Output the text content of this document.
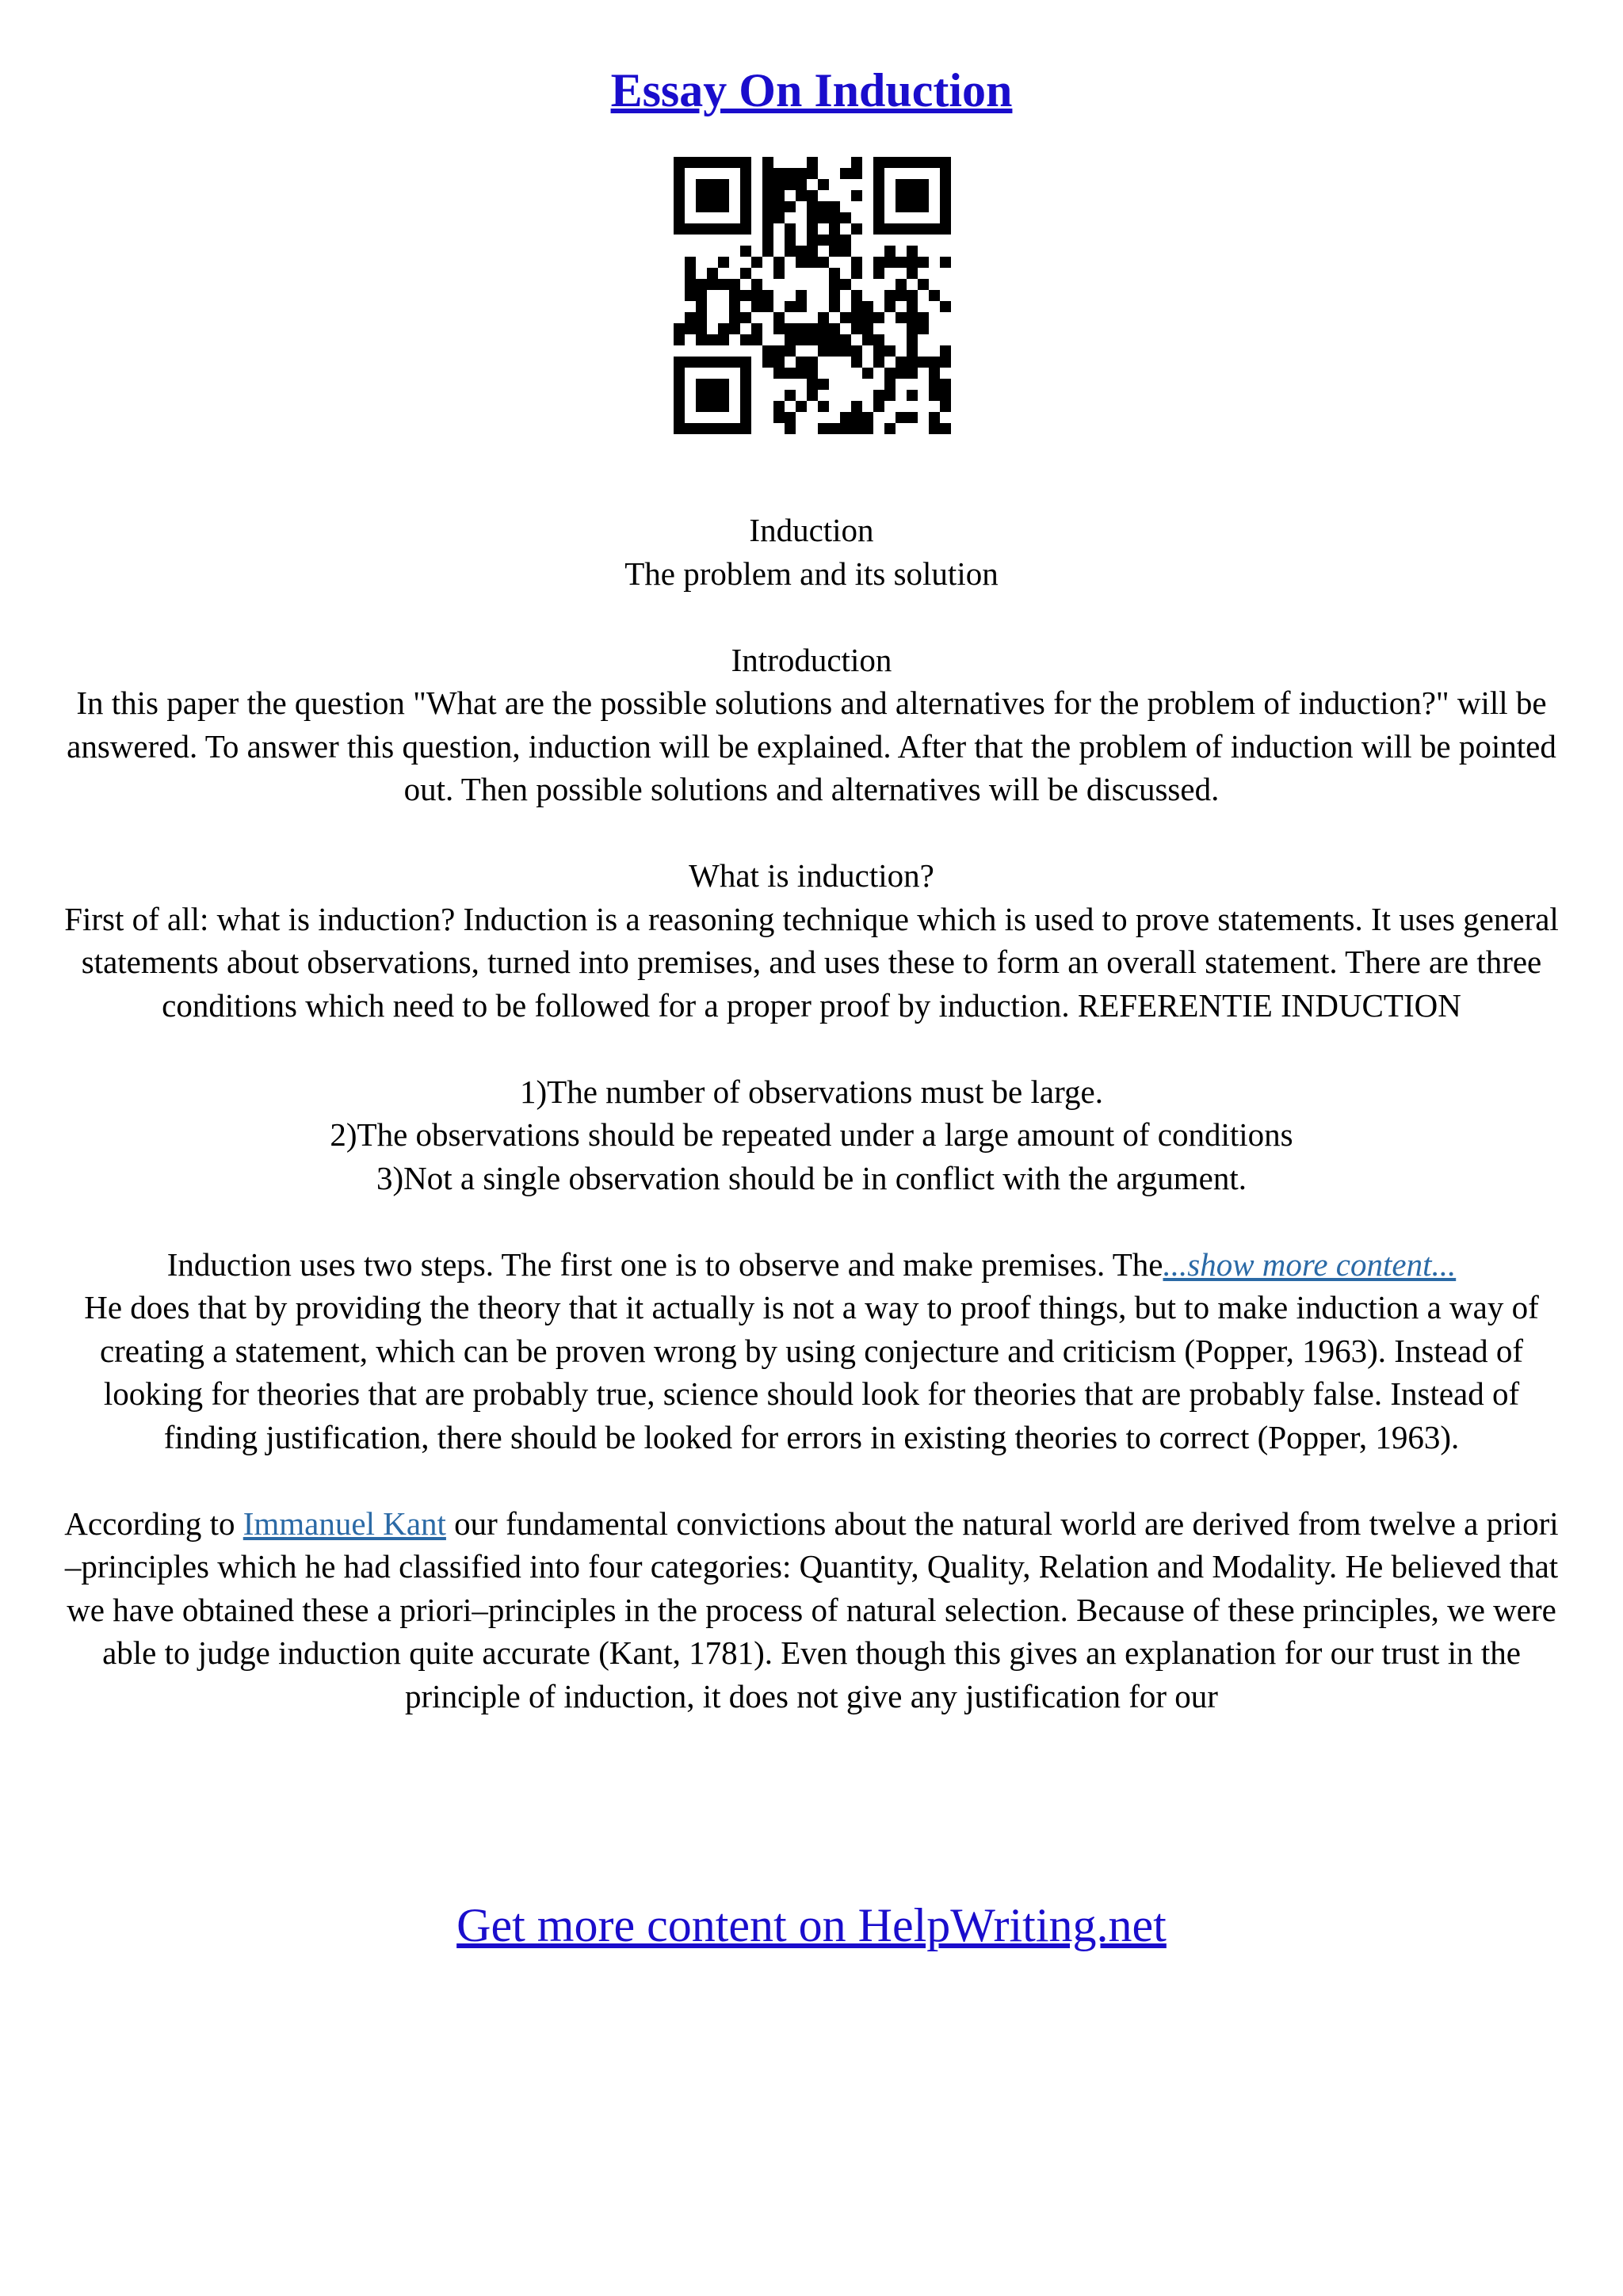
Essay On Induction

Induction

The problem and its solution

Introduction

In this paper the question "What are the possible solutions and alternatives for the problem of induction?" will be answered. To answer this question, induction will be explained. After that the problem of induction will be pointed out. Then possible solutions and alternatives will be discussed.

What is induction?

First of all: what is induction? Induction is a reasoning technique which is used to prove statements. It uses general statements about observations, turned into premises, and uses these to form an overall statement. There are three conditions which need to be followed for a proper proof by induction. REFERENTIE INDUCTION

1)The number of observations must be large.

2)The observations should be repeated under a large amount of conditions

3)Not a single observation should be in conflict with the argument.

Induction uses two steps. The first one is to observe and make premises. The...show more content...

He does that by providing the theory that it actually is not a way to proof things, but to make induction a way of creating a statement, which can be proven wrong by using conjecture and criticism (Popper, 1963). Instead of looking for theories that are probably true, science should look for theories that are probably false. Instead of finding justification, there should be looked for errors in existing theories to correct (Popper, 1963).

According to Immanuel Kant our fundamental convictions about the natural world are derived from twelve a priori –principles which he had classified into four categories: Quantity, Quality, Relation and Modality. He believed that we have obtained these a priori–principles in the process of natural selection. Because of these principles, we were able to judge induction quite accurate (Kant, 1781). Even though this gives an explanation for our trust in the principle of induction, it does not give any justification for our

Get more content on HelpWriting.net
